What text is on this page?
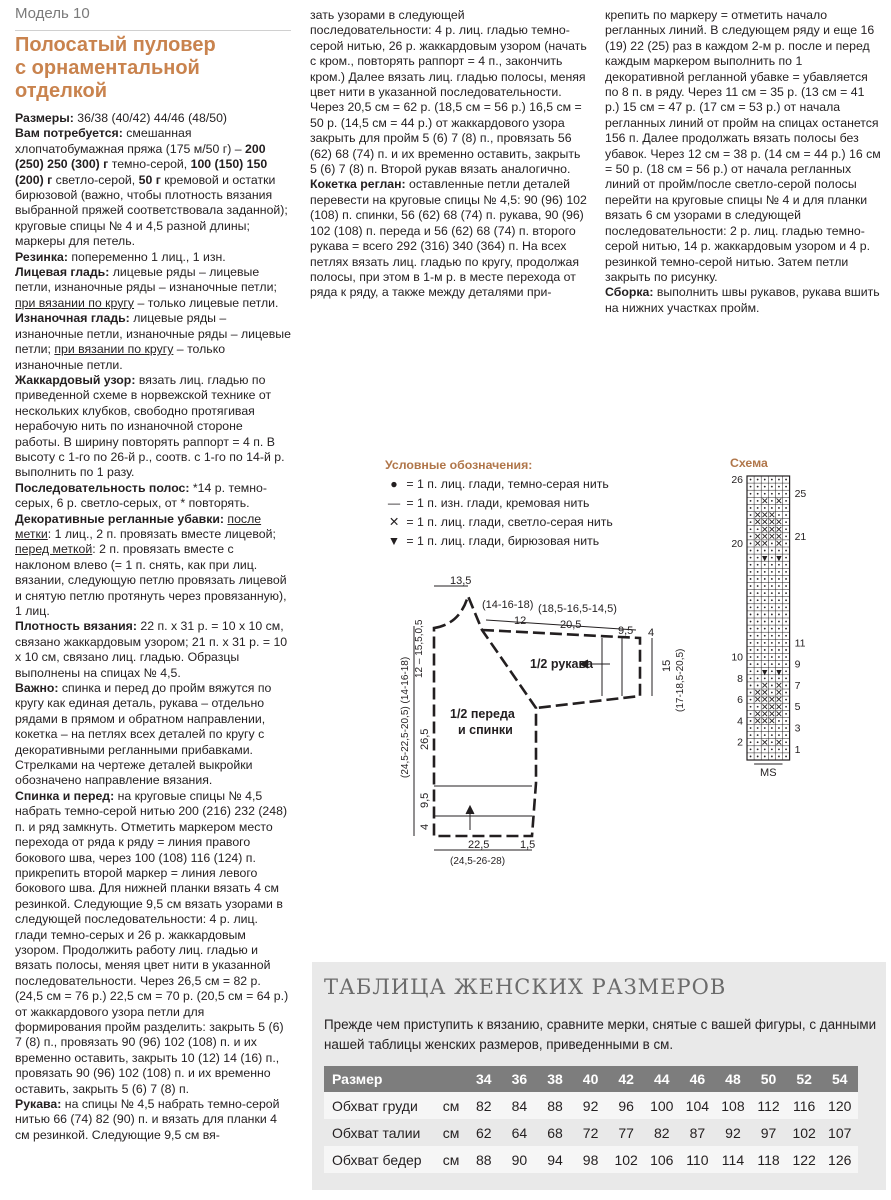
Модель 10
Полосатый пуловер
с орнаментальной
отделкой

Размеры: 36/38 (40/42) 44/46 (48/50)

Вам потребуется: смешанная хлопчатобумажная пряжа (175 м/50 г) – 200 (250) 250 (300) г темно-серой, 100 (150) 150 (200) г светло-серой, 50 г кремовой и остатки бирюзовой (важно, чтобы плотность вязания выбранной пряжей соответствовала заданной); круговые спицы № 4 и 4,5 разной длины; маркеры для петель.

Резинка: попеременно 1 лиц., 1 изн.

Лицевая гладь: лицевые ряды – лицевые петли, изнаночные ряды – изнаночные петли; при вязании по кругу – только лицевые петли.

Изнаночная гладь: лицевые ряды – изнаночные петли, изнаночные ряды – лицевые петли; при вязании по кругу – только изнаночные петли.

Жаккардовый узор: вязать лиц. гладью по приведенной схеме в норвежской технике от нескольких клубков, свободно протягивая нерабочую нить по изнаночной стороне работы. В ширину повторять раппорт = 4 п. В высоту с 1-го по 26-й р., соотв. с 1-го по 14-й р. выполнить по 1 разу.

Последовательность полос: *14 р. темно-серых, 6 р. светло-серых, от * повторять.

Декоративные регланные убавки: после метки: 1 лиц., 2 п. провязать вместе лицевой; перед меткой: 2 п. провязать вместе с наклоном влево (= 1 п. снять, как при лиц. вязании, следующую петлю провязать лицевой и снятую петлю протянуть через провязанную), 1 лиц.

Плотность вязания: 22 п. х 31 р. = 10 х 10 см, связано жаккардовым узором; 21 п. х 31 р. = 10 х 10 см, связано лиц. гладью. Образцы выполнены на спицах № 4,5.

Важно: спинка и перед до пройм вяжутся по кругу как единая деталь, рукава – отдельно рядами в прямом и обратном направлении, кокетка – на петлях всех деталей по кругу с декоративными регланными прибавками. Стрелками на чертеже деталей выкройки обозначено направление вязания.

Спинка и перед: на круговые спицы № 4,5 набрать темно-серой нитью 200 (216) 232 (248) п. и ряд замкнуть. Отметить маркером место перехода от ряда к ряду = линия правого бокового шва, через 100 (108) 116 (124) п. прикрепить второй маркер = линия левого бокового шва. Для нижней планки вязать 4 см резинкой. Следующие 9,5 см вязать узорами в следующей последовательности: 4 р. лиц. глади темно-серых и 26 р. жаккардовым узором. Продолжить работу лиц. гладью и вязать полосы, меняя цвет нити в указанной последовательности. Через 26,5 см = 82 р. (24,5 см = 76 р.) 22,5 см = 70 р. (20,5 см = 64 р.) от жаккардового узора петли для формирования пройм разделить: закрыть 5 (6) 7 (8) п., провязать 90 (96) 102 (108) п. и их временно оставить, закрыть 10 (12) 14 (16) п., провязать 90 (96) 102 (108) п. и их временно оставить, закрыть 5 (6) 7 (8) п.

Рукава: на спицы № 4,5 набрать темно-серой нитью 66 (74) 82 (90) п. и вязать для планки 4 см резинкой. Следующие 9,5 см вя-

зать узорами в следующей последовательности: 4 р. лиц. гладью темно-серой нитью, 26 р. жаккардовым узором (начать с кром., повторять раппорт = 4 п., закончить кром.) Далее вязать лиц. гладью полосы, меняя цвет нити в указанной последовательности. Через 20,5 см = 62 р. (18,5 см = 56 р.) 16,5 см = 50 р. (14,5 см = 44 р.) от жаккардового узора закрыть для пройм 5 (6) 7 (8) п., провязать 56 (62) 68 (74) п. и их временно оставить, закрыть 5 (6) 7 (8) п. Второй рукав вязать аналогично.

Кокетка реглан: оставленные петли деталей перевести на круговые спицы № 4,5: 90 (96) 102 (108) п. спинки, 56 (62) 68 (74) п. рукава, 90 (96) 102 (108) п. переда и 56 (62) 68 (74) п. второго рукава = всего 292 (316) 340 (364) п. На всех петлях вязать лиц. гладью по кругу, продолжая полосы, при этом в 1-м р. в месте перехода от ряда к ряду, а также между деталями при-

крепить по маркеру = отметить начало регланных линий. В следующем ряду и еще 16 (19) 22 (25) раз в каждом 2-м р. после и перед каждым маркером выполнить по 1 декоративной регланной убавке = убавляется по 8 п. в ряду. Через 11 см = 35 р. (13 см = 41 р.) 15 см = 47 р. (17 см = 53 р.) от начала регланных линий от пройм на спицах останется 156 п. Далее продолжать вязать полосы без убавок. Через 12 см = 38 р. (14 см = 44 р.) 16 см = 50 р. (18 см = 56 р.) от начала регланных линий от пройм/после светло-серой полосы перейти на круговые спицы № 4 и для планки вязать 6 см узорами в следующей последовательности: 2 р. лиц. гладью темно-серой нитью, 14 р. жаккардовым узором и 4 р. резинкой темно-серой нитью. Затем петли закрыть по рисунку.

Сборка: выполнить швы рукавов, рукава вшить на нижних участках пройм.

Условные обозначения:
● = 1 п. лиц. глади, темно-серая нить
— = 1 п. изн. глади, кремовая нить
✕ = 1 п. лиц. глади, светло-серая нить
▼ = 1 п. лиц. глади, бирюзовая нить
Схема
13,5
(14-16-18) (18,5-16,5-14,5)
12	20,5	9,5 4
1/2 рукава	15 (17-18,5-20,5)
1/2 переда
и спинки
12 – 15,5,0,5
(24,5-22,5-20,5) (14-16-18) 26,5
9,5
4
22,5	1,5
(24,5-26-28)
✕ ✕
✕ ✕ ✕
✕ ✕ ✕ ✕
✕ ✕ ✕
✕ ✕ ✕ ✕
✕ ✕ ✕
▼ ▼
▼ ▼
✕ ✕
✕ ✕ ✕
✕ ✕ ✕ ✕
✕ ✕ ✕
✕ ✕ ✕ ✕
✕ ✕ ✕
✕ ✕
MS
25
21
11
9
7
5
3
1
26
20
10
8
6
4
2
ТАБЛИЦА ЖЕНСКИХ РАЗМЕРОВ
Прежде чем приступить к вязанию, сравните мерки, снятые с вашей фигуры, с данными нашей таблицы женских размеров, приведенными в см.
Размер		34	36	38	40	42	44	46	48	50	52	54
Обхват груди	см	82	84	88	92	96	100	104	108	112	116	120
Обхват талии	см	62	64	68	72	77	82	87	92	97	102	107
Обхват бедер	см	88	90	94	98	102	106	110	114	118	122	126
